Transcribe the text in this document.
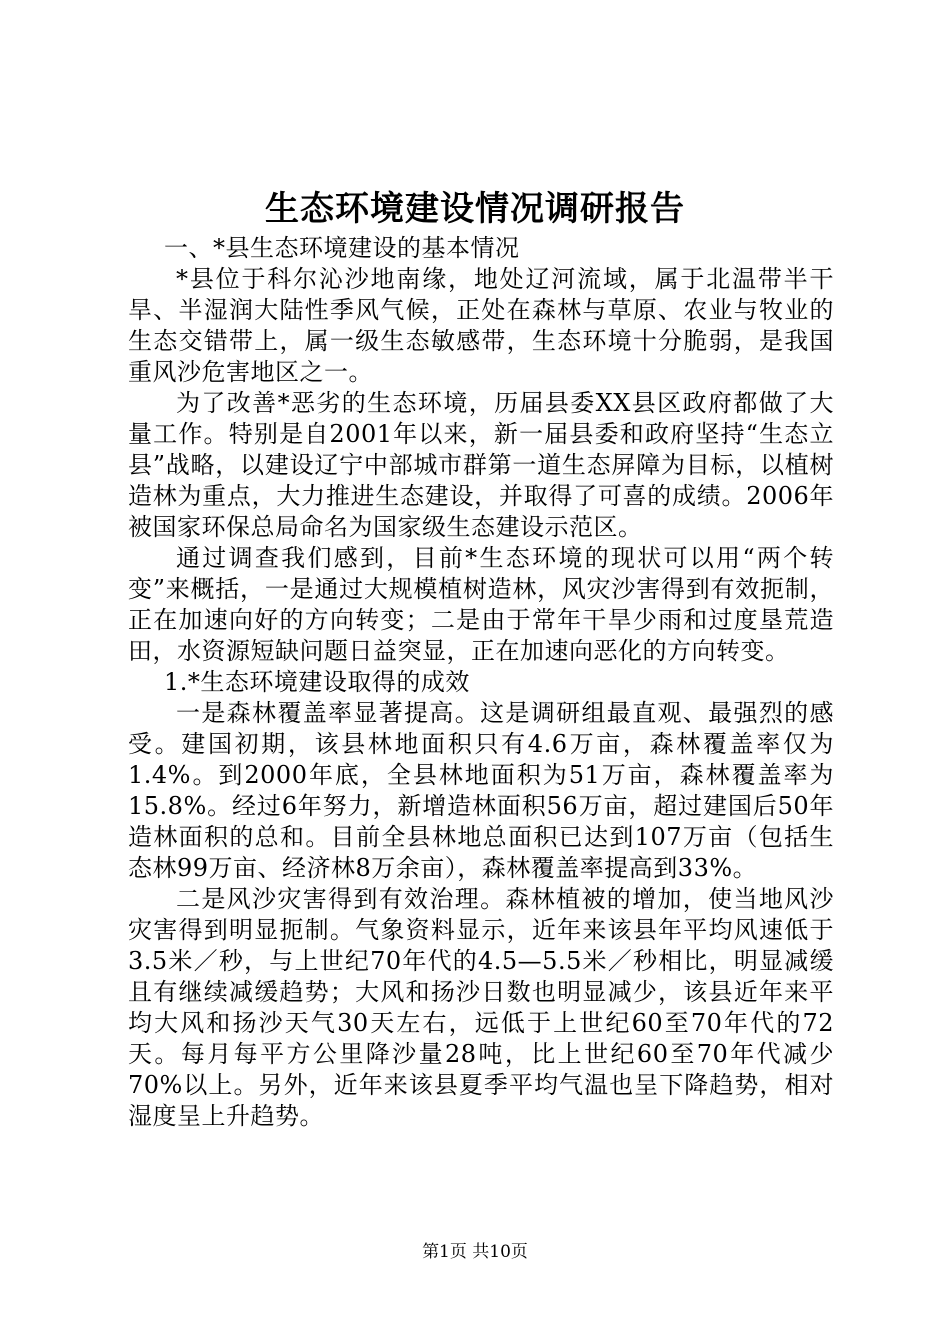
生态环境建设情况调研报告

一、*县生态环境建设的基本情况

*县位于科尔沁沙地南缘，地处辽河流域，属于北温带半干旱、半湿润大陆性季风气候，正处在森林与草原、农业与牧业的生态交错带上，属一级生态敏感带，生态环境十分脆弱，是我国重风沙危害地区之一。

为了改善*恶劣的生态环境，历届县委XX县区政府都做了大量工作。特别是自2001年以来，新一届县委和政府坚持“生态立县”战略，以建设辽宁中部城市群第一道生态屏障为目标，以植树造林为重点，大力推进生态建设，并取得了可喜的成绩。2006年被国家环保总局命名为国家级生态建设示范区。

通过调查我们感到，目前*生态环境的现状可以用“两个转变”来概括，一是通过大规模植树造林，风灾沙害得到有效扼制，正在加速向好的方向转变；二是由于常年干旱少雨和过度垦荒造田，水资源短缺问题日益突显，正在加速向恶化的方向转变。

1.*生态环境建设取得的成效

一是森林覆盖率显著提高。这是调研组最直观、最强烈的感受。建国初期，该县林地面积只有4.6万亩，森林覆盖率仅为1.4%。到2000年底，全县林地面积为51万亩，森林覆盖率为15.8%。经过6年努力，新增造林面积56万亩，超过建国后50年造林面积的总和。目前全县林地总面积已达到107万亩（包括生态林99万亩、经济林8万余亩），森林覆盖率提高到33%。

二是风沙灾害得到有效治理。森林植被的增加，使当地风沙灾害得到明显扼制。气象资料显示，近年来该县年平均风速低于3.5米／秒，与上世纪70年代的4.5—5.5米／秒相比，明显减缓且有继续减缓趋势；大风和扬沙日数也明显减少，该县近年来平均大风和扬沙天气30天左右，远低于上世纪60至70年代的72天。每月每平方公里降沙量28吨，比上世纪60至70年代减少70%以上。另外，近年来该县夏季平均气温也呈下降趋势，相对湿度呈上升趋势。

第1页 共10页
